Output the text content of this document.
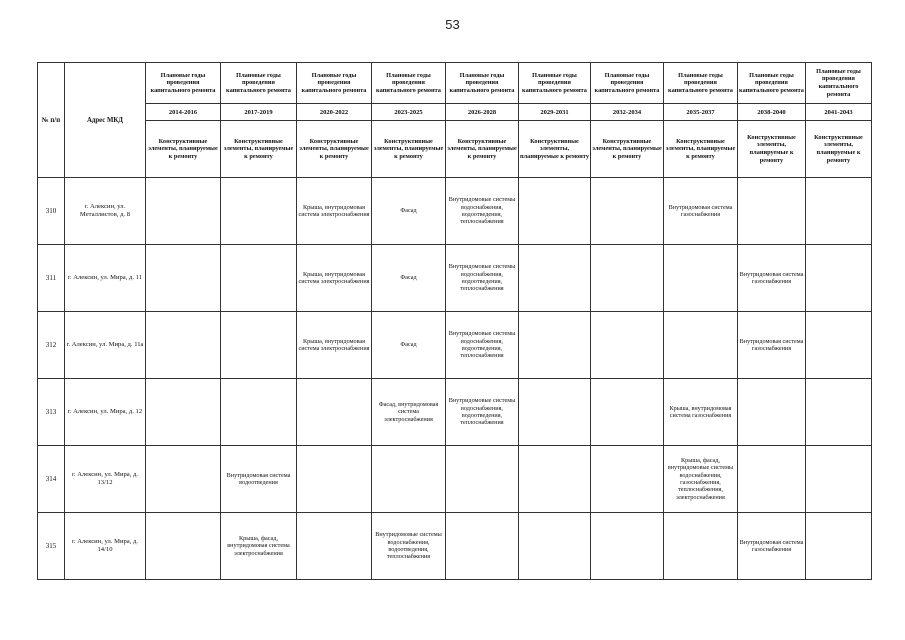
53
№ п/п	Адрес МКД	Плановые годы проведения капитального ремонта	Плановые годы проведения капитального ремонта	Плановые годы проведения капитального ремонта	Плановые годы проведения капитального ремонта	Плановые годы проведения капитального ремонта	Плановые годы проведения капитального ремонта	Плановые годы проведения капитального ремонта	Плановые годы проведения капитального ремонта	Плановые годы проведения капитального ремонта	Плановые годы проведения капитального ремонта
		2014-2016	2017-2019	2020-2022	2023-2025	2026-2028	2029-2031	2032-2034	2035-2037	2038-2040	2041-2043
		Конструктивные элементы, планируемые к ремонту	Конструктивные элементы, планируемые к ремонту	Конструктивные элементы, планируемые к ремонту	Конструктивные элементы, планируемые к ремонту	Конструктивные элементы, планируемые к ремонту	Конструктивные элементы, планируемые к ремонту	Конструктивные элементы, планируемые к ремонту	Конструктивные элементы, планируемые к ремонту	Конструктивные элементы, планируемые к ремонту	Конструктивные элементы, планируемые к ремонту
310	г. Алексин, ул. Металлистов, д. 8			Крыша, внутридомовая система электроснабжения	Фасад	Внутридомовые системы водоснабжения, водоотведения, теплоснабжения			Внутридомовая система газоснабжения		
311	г. Алексин, ул. Мира, д. 11			Крыша, внутридомовая система электроснабжения	Фасад	Внутридомовые системы водоснабжения, водоотведения, теплоснабжения				Внутридомовая система газоснабжения	
312	г. Алексин, ул. Мира, д. 11а			Крыша, внутридомовая система электроснабжения	Фасад	Внутридомовые системы водоснабжения, водоотведения, теплоснабжения				Внутридомовая система газоснабжения	
313	г. Алексин, ул. Мира, д. 12				Фасад, внутридомовая система электроснабжения	Внутридомовые системы водоснабжения, водоотведения, теплоснабжения			Крыша, внутридомовая система газоснабжения		
314	г. Алексин, ул. Мира, д. 13/12		Внутридомовая система водоотведения						Крыша, фасад, внутридомовые системы водоснабжения, газоснабжения, теплоснабжения, электроснабжения		
315	г. Алексин, ул. Мира, д. 14/10		Крыша, фасад, внутридомовая система электроснабжения		Внутридомовые системы водоснабжения, водоотведения, теплоснабжения					Внутридомовая система газоснабжения	
